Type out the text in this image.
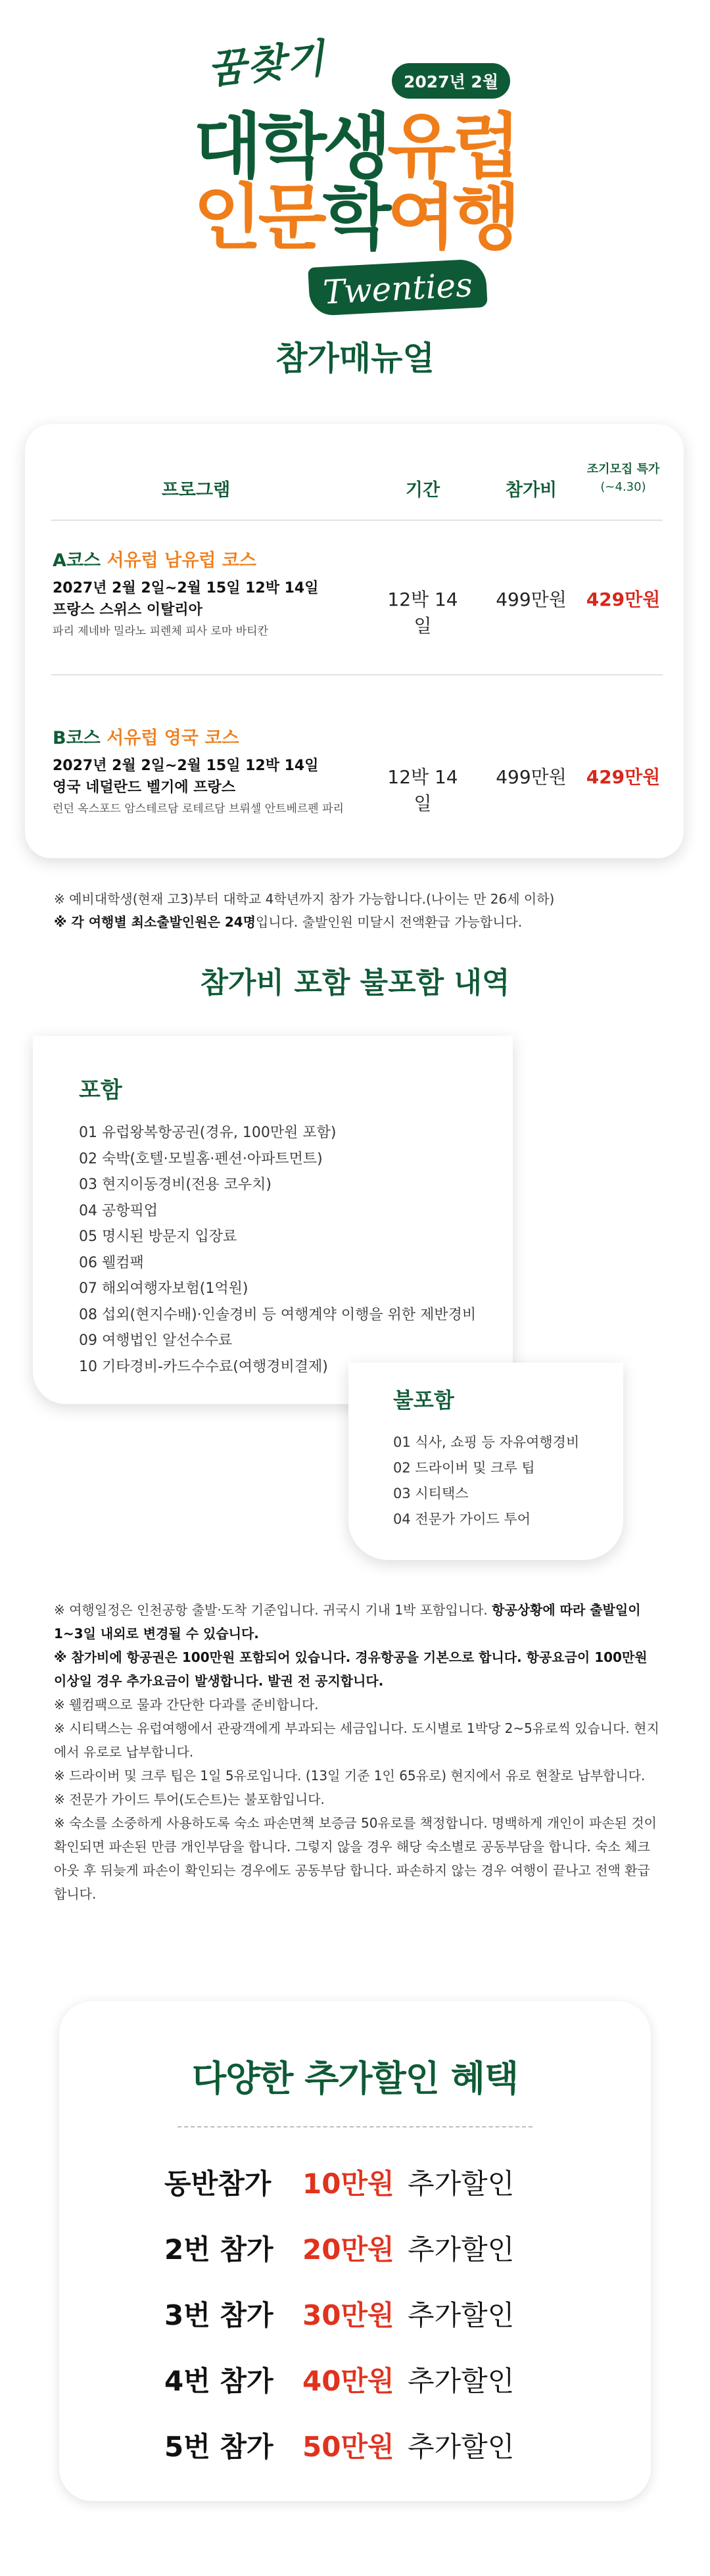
꿈찾기	2027년 2월
대학생유럽
인문학여행
Twenties
참가매뉴얼
프로그램	기간	참가비
조기모집 특가
(~4.30)
A코스 서유럽 남유럽 코스
2027년 2월 2일~2월 15일 12박 14일
프랑스 스위스 이탈리아
파리 제네바 밀라노 피렌체 피사 로마 바티칸
12박 14일
499만원	429만원
B코스 서유럽 영국 코스
2027년 2월 2일~2월 15일 12박 14일
영국 네덜란드 벨기에 프랑스
런던 옥스포드 암스테르담 로테르담 브뤼셀 안트베르펜 파리
12박 14일
499만원	429만원
※ 예비대학생(현재 고3)부터 대학교 4학년까지 참가 가능합니다.(나이는 만 26세 이하)
※ 각 여행별 최소출발인원은 24명입니다. 출발인원 미달시 전액환급 가능합니다.
참가비 포함 불포함 내역
포함
01 유럽왕복항공권(경유, 100만원 포함)
02 숙박(호텔·모빌홈·펜션·아파트먼트)
03 현지이동경비(전용 코우치)
04 공항픽업
05 명시된 방문지 입장료
06 웰컴팩
07 해외여행자보험(1억원)
08 섭외(현지수배)·인솔경비 등 여행계약 이행을 위한 제반경비
09 여행법인 알선수수료
10 기타경비-카드수수료(여행경비결제)
불포함
01 식사, 쇼핑 등 자유여행경비
02 드라이버 및 크루 팁
03 시티택스
04 전문가 가이드 투어
※ 여행일정은 인천공항 출발·도착 기준입니다. 귀국시 기내 1박 포함입니다. 항공상황에 따라 출발일이 1~3일 내외로 변경될 수 있습니다.
※ 참가비에 항공권은 100만원 포함되어 있습니다. 경유항공을 기본으로 합니다. 항공요금이 100만원 이상일 경우 추가요금이 발생합니다. 발권 전 공지합니다.
※ 웰컴팩으로 물과 간단한 다과를 준비합니다.
※ 시티택스는 유럽여행에서 관광객에게 부과되는 세금입니다. 도시별로 1박당 2~5유로씩 있습니다. 현지에서 유로로 납부합니다.
※ 드라이버 및 크루 팁은 1일 5유로입니다. (13일 기준 1인 65유로) 현지에서 유로 현찰로 납부합니다.
※ 전문가 가이드 투어(도슨트)는 불포함입니다.
※ 숙소를 소중하게 사용하도록 숙소 파손면책 보증금 50유로를 책정합니다. 명백하게 개인이 파손된 것이 확인되면 파손된 만큼 개인부담을 합니다. 그렇지 않을 경우 해당 숙소별로 공동부담을 합니다. 숙소 체크아웃 후 뒤늦게 파손이 확인되는 경우에도 공동부담 합니다. 파손하지 않는 경우 여행이 끝나고 전액 환급합니다.
다양한 추가할인 혜택
동반참가 10만원 추가할인
2번 참가 20만원 추가할인
3번 참가 30만원 추가할인
4번 참가 40만원 추가할인
5번 참가 50만원 추가할인
